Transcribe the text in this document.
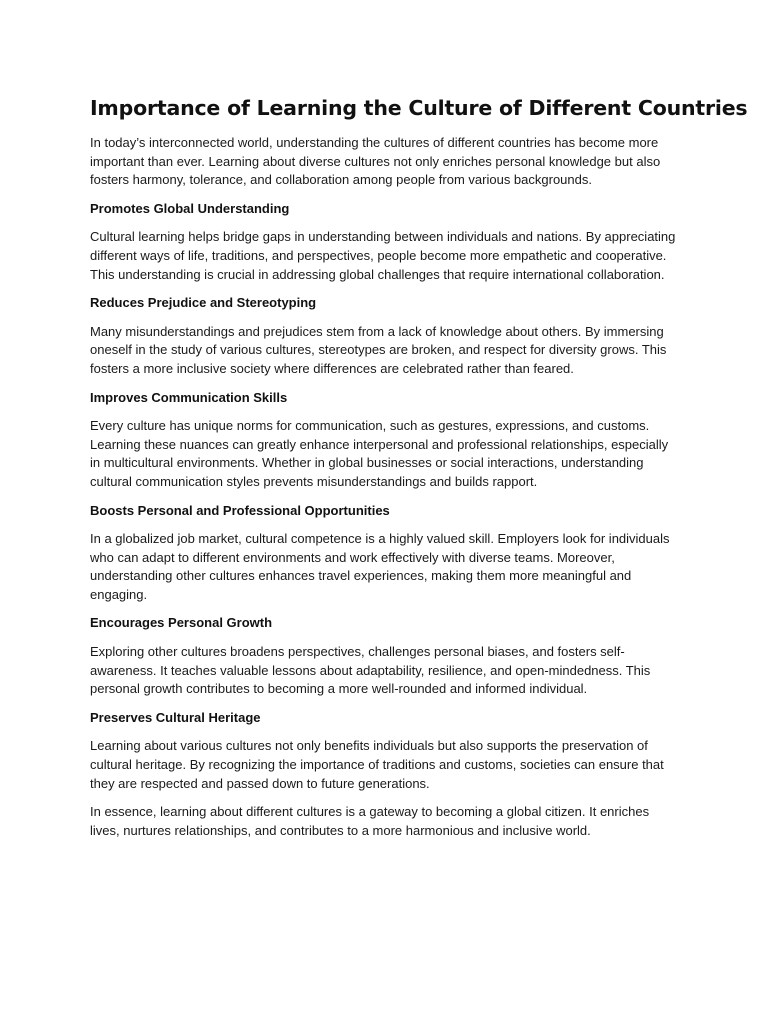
Importance of Learning the Culture of Different Countries

In today’s interconnected world, understanding the cultures of different countries has become more important than ever. Learning about diverse cultures not only enriches personal knowledge but also fosters harmony, tolerance, and collaboration among people from various backgrounds.

Promotes Global Understanding

Cultural learning helps bridge gaps in understanding between individuals and nations. By appreciating different ways of life, traditions, and perspectives, people become more empathetic and cooperative. This understanding is crucial in addressing global challenges that require international collaboration.

Reduces Prejudice and Stereotyping

Many misunderstandings and prejudices stem from a lack of knowledge about others. By immersing oneself in the study of various cultures, stereotypes are broken, and respect for diversity grows. This fosters a more inclusive society where differences are celebrated rather than feared.

Improves Communication Skills

Every culture has unique norms for communication, such as gestures, expressions, and customs. Learning these nuances can greatly enhance interpersonal and professional relationships, especially in multicultural environments. Whether in global businesses or social interactions, understanding cultural communication styles prevents misunderstandings and builds rapport.

Boosts Personal and Professional Opportunities

In a globalized job market, cultural competence is a highly valued skill. Employers look for individuals who can adapt to different environments and work effectively with diverse teams. Moreover, understanding other cultures enhances travel experiences, making them more meaningful and engaging.

Encourages Personal Growth

Exploring other cultures broadens perspectives, challenges personal biases, and fosters self-awareness. It teaches valuable lessons about adaptability, resilience, and open-mindedness. This personal growth contributes to becoming a more well-rounded and informed individual.

Preserves Cultural Heritage

Learning about various cultures not only benefits individuals but also supports the preservation of cultural heritage. By recognizing the importance of traditions and customs, societies can ensure that they are respected and passed down to future generations.

In essence, learning about different cultures is a gateway to becoming a global citizen. It enriches lives, nurtures relationships, and contributes to a more harmonious and inclusive world.
